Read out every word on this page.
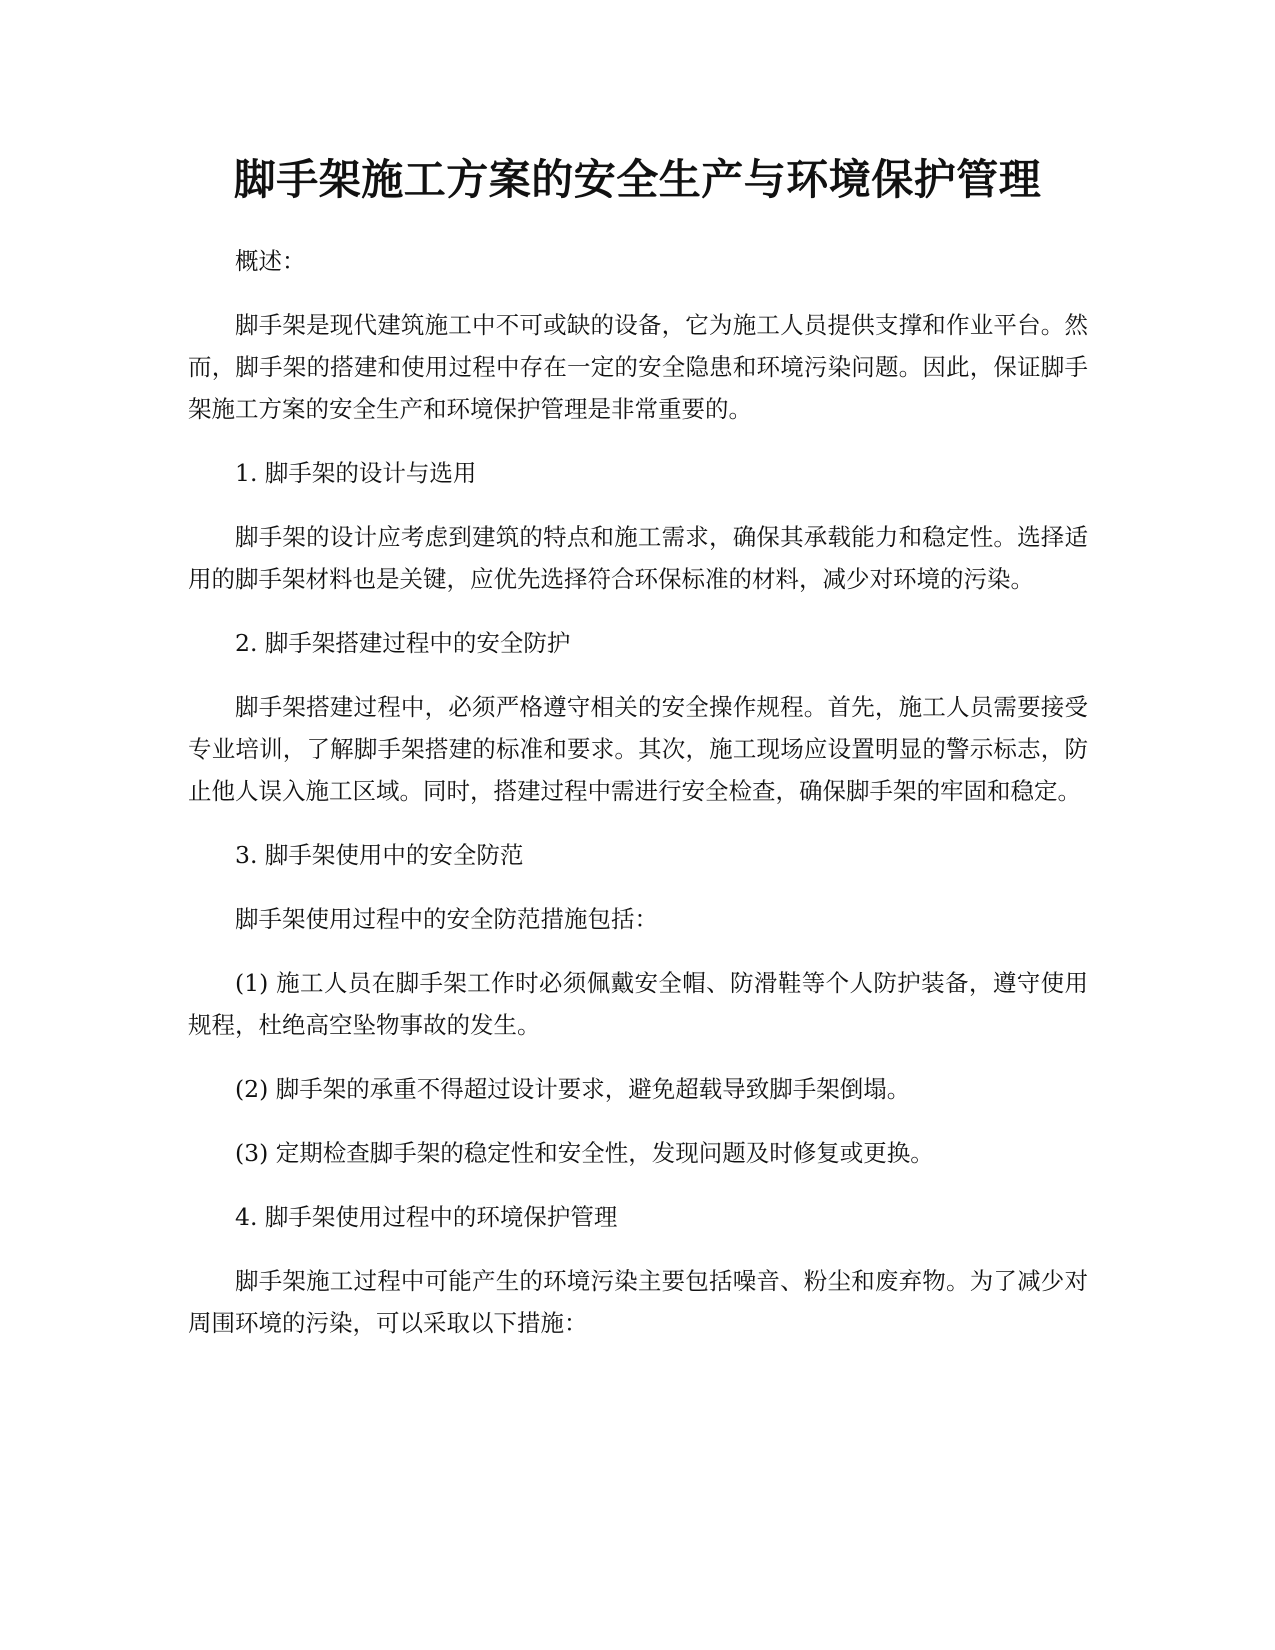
脚手架施工方案的安全生产与环境保护管理

概述：

脚手架是现代建筑施工中不可或缺的设备，它为施工人员提供支撑和作业平台。然而，脚手架的搭建和使用过程中存在一定的安全隐患和环境污染问题。因此，保证脚手架施工方案的安全生产和环境保护管理是非常重要的。

1. 脚手架的设计与选用

脚手架的设计应考虑到建筑的特点和施工需求，确保其承载能力和稳定性。选择适用的脚手架材料也是关键，应优先选择符合环保标准的材料，减少对环境的污染。

2. 脚手架搭建过程中的安全防护

脚手架搭建过程中，必须严格遵守相关的安全操作规程。首先，施工人员需要接受专业培训，了解脚手架搭建的标准和要求。其次，施工现场应设置明显的警示标志，防止他人误入施工区域。同时，搭建过程中需进行安全检查，确保脚手架的牢固和稳定。

3. 脚手架使用中的安全防范

脚手架使用过程中的安全防范措施包括：

(1) 施工人员在脚手架工作时必须佩戴安全帽、防滑鞋等个人防护装备，遵守使用规程，杜绝高空坠物事故的发生。

(2) 脚手架的承重不得超过设计要求，避免超载导致脚手架倒塌。

(3) 定期检查脚手架的稳定性和安全性，发现问题及时修复或更换。

4. 脚手架使用过程中的环境保护管理

脚手架施工过程中可能产生的环境污染主要包括噪音、粉尘和废弃物。为了减少对周围环境的污染，可以采取以下措施：
